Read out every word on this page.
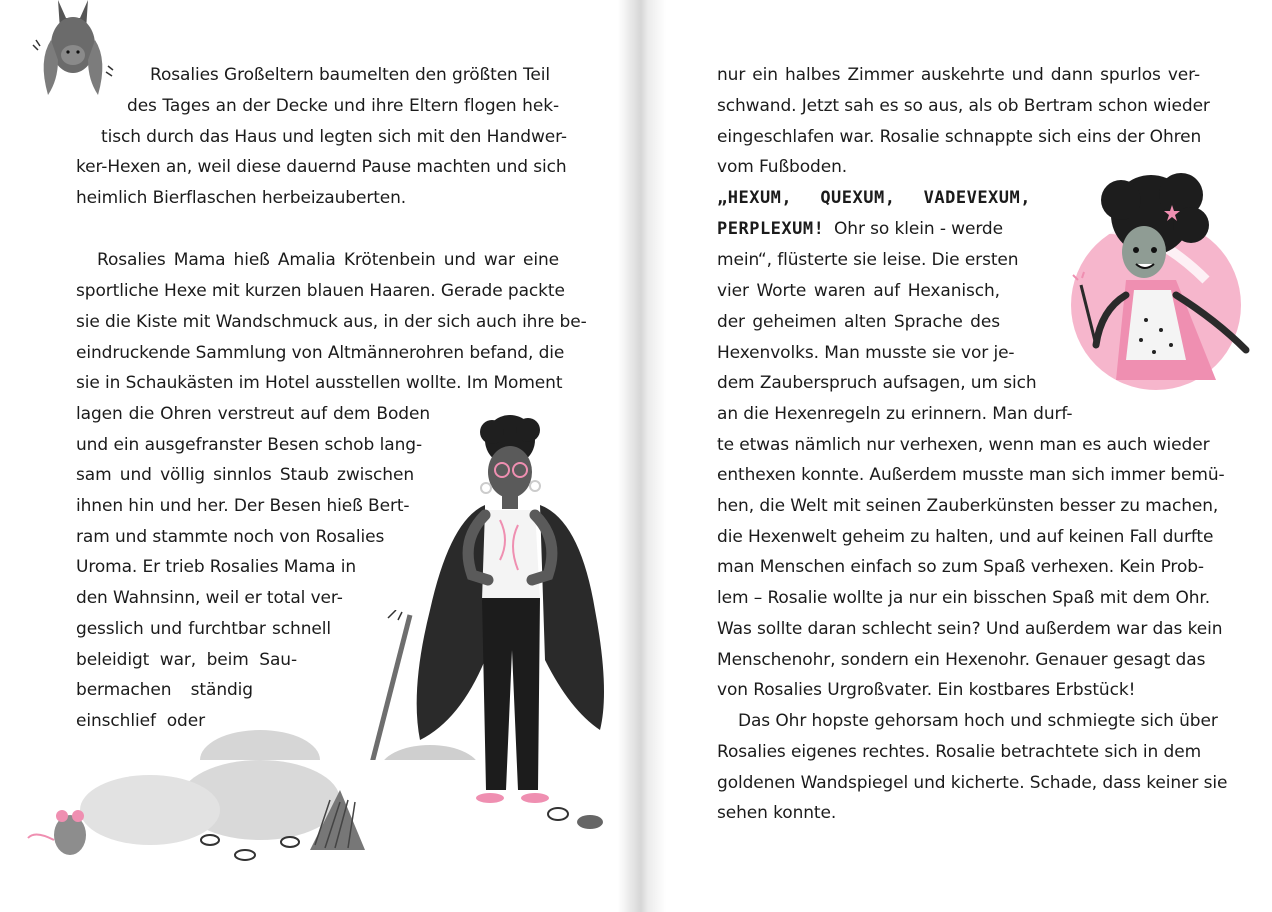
Rosalies Großeltern baumelten den größten Teil
des Tages an der Decke und ihre Eltern flogen hek-
tisch durch das Haus und legten sich mit den Handwer-
ker-Hexen an, weil diese dauernd Pause machten und sich
heimlich Bierflaschen herbeizauberten.
Rosalies Mama hieß Amalia Krötenbein und war eine
sportliche Hexe mit kurzen blauen Haaren. Gerade packte
sie die Kiste mit Wandschmuck aus, in der sich auch ihre be-
eindruckende Sammlung von Altmännerohren befand, die
sie in Schaukästen im Hotel ausstellen wollte. Im Moment
lagen die Ohren verstreut auf dem Boden
und ein ausgefranster Besen schob lang-
sam und völlig sinnlos Staub zwischen
ihnen hin und her. Der Besen hieß Bert-
ram und stammte noch von Rosalies
Uroma. Er trieb Rosalies Mama in
den Wahnsinn, weil er total ver-
gesslich und furchtbar schnell
beleidigt war, beim Sau-
bermachen ständig
einschlief oder
nur ein halbes Zimmer auskehrte und dann spurlos ver-
schwand. Jetzt sah es so aus, als ob Bertram schon wieder
eingeschlafen war. Rosalie schnappte sich eins der Ohren
vom Fußboden.
„HEXUM, QUEXUM, VADEVEXUM,
PERPLEXUM! Ohr so klein - werde
mein“, flüsterte sie leise. Die ersten
vier Worte waren auf Hexanisch,
der geheimen alten Sprache des
Hexenvolks. Man musste sie vor je-
dem Zauberspruch aufsagen, um sich
an die Hexenregeln zu erinnern. Man durf-
te etwas nämlich nur verhexen, wenn man es auch wieder
enthexen konnte. Außerdem musste man sich immer bemü-
hen, die Welt mit seinen Zauberkünsten besser zu machen,
die Hexenwelt geheim zu halten, und auf keinen Fall durfte
man Menschen einfach so zum Spaß verhexen. Kein Prob-
lem – Rosalie wollte ja nur ein bisschen Spaß mit dem Ohr.
Was sollte daran schlecht sein? Und außerdem war das kein
Menschenohr, sondern ein Hexenohr. Genauer gesagt das
von Rosalies Urgroßvater. Ein kostbares Erbstück!
Das Ohr hopste gehorsam hoch und schmiegte sich über
Rosalies eigenes rechtes. Rosalie betrachtete sich in dem
goldenen Wandspiegel und kicherte. Schade, dass keiner sie
sehen konnte.
